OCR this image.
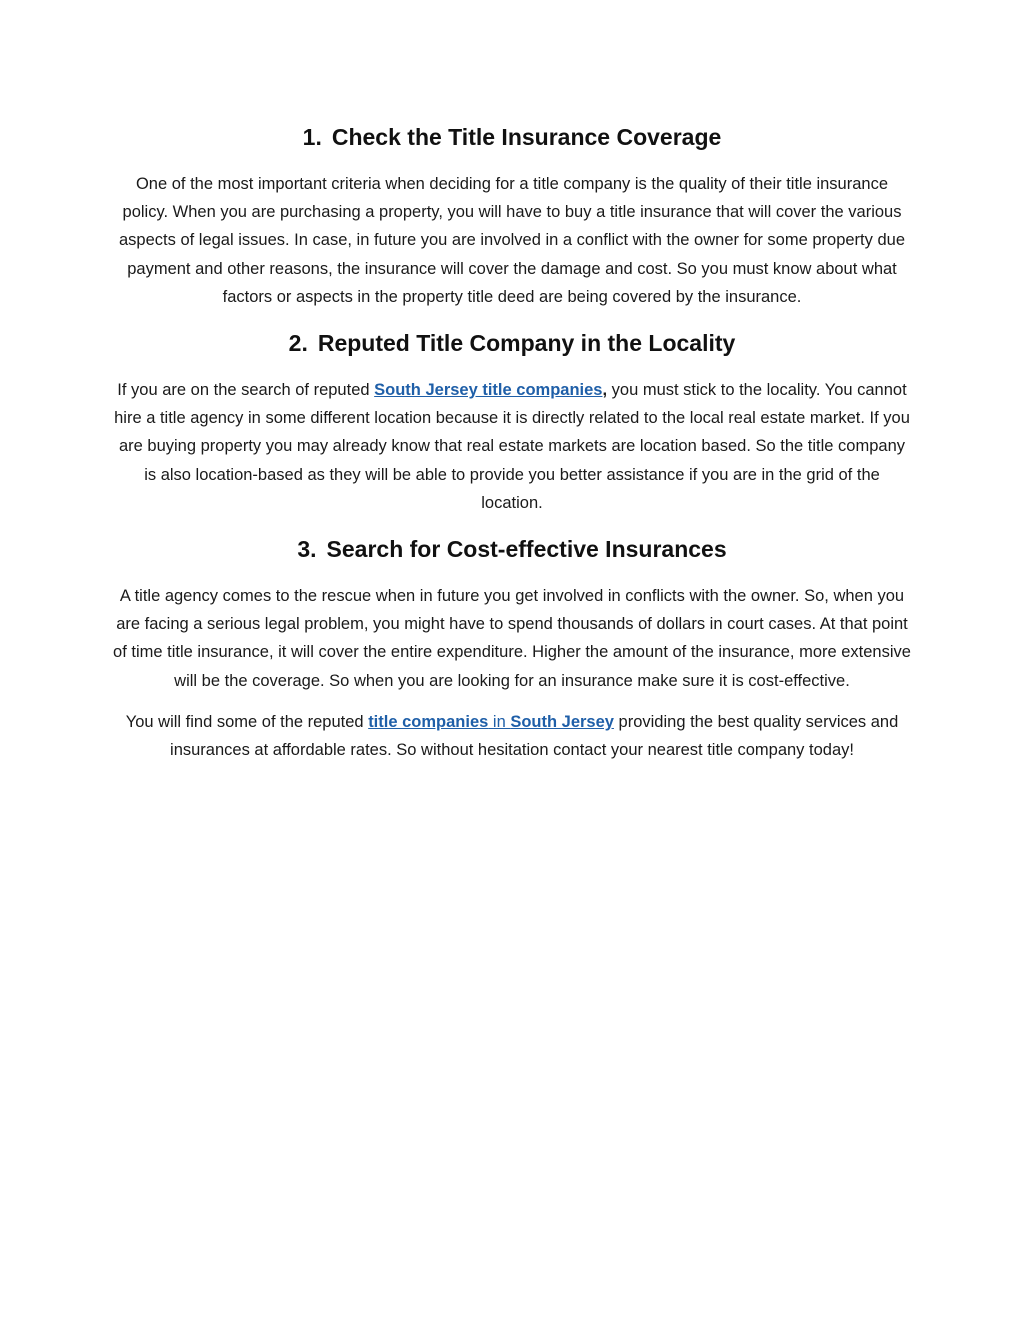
1. Check the Title Insurance Coverage

One of the most important criteria when deciding for a title company is the quality of their title insurance policy. When you are purchasing a property, you will have to buy a title insurance that will cover the various aspects of legal issues. In case, in future you are involved in a conflict with the owner for some property due payment and other reasons, the insurance will cover the damage and cost. So you must know about what factors or aspects in the property title deed are being covered by the insurance.

2. Reputed Title Company in the Locality

If you are on the search of reputed South Jersey title companies, you must stick to the locality. You cannot hire a title agency in some different location because it is directly related to the local real estate market. If you are buying property you may already know that real estate markets are location based. So the title company is also location-based as they will be able to provide you better assistance if you are in the grid of the location.

3. Search for Cost-effective Insurances

A title agency comes to the rescue when in future you get involved in conflicts with the owner. So, when you are facing a serious legal problem, you might have to spend thousands of dollars in court cases. At that point of time title insurance, it will cover the entire expenditure. Higher the amount of the insurance, more extensive will be the coverage. So when you are looking for an insurance make sure it is cost-effective.

You will find some of the reputed title companies in South Jersey providing the best quality services and insurances at affordable rates. So without hesitation contact your nearest title company today!
